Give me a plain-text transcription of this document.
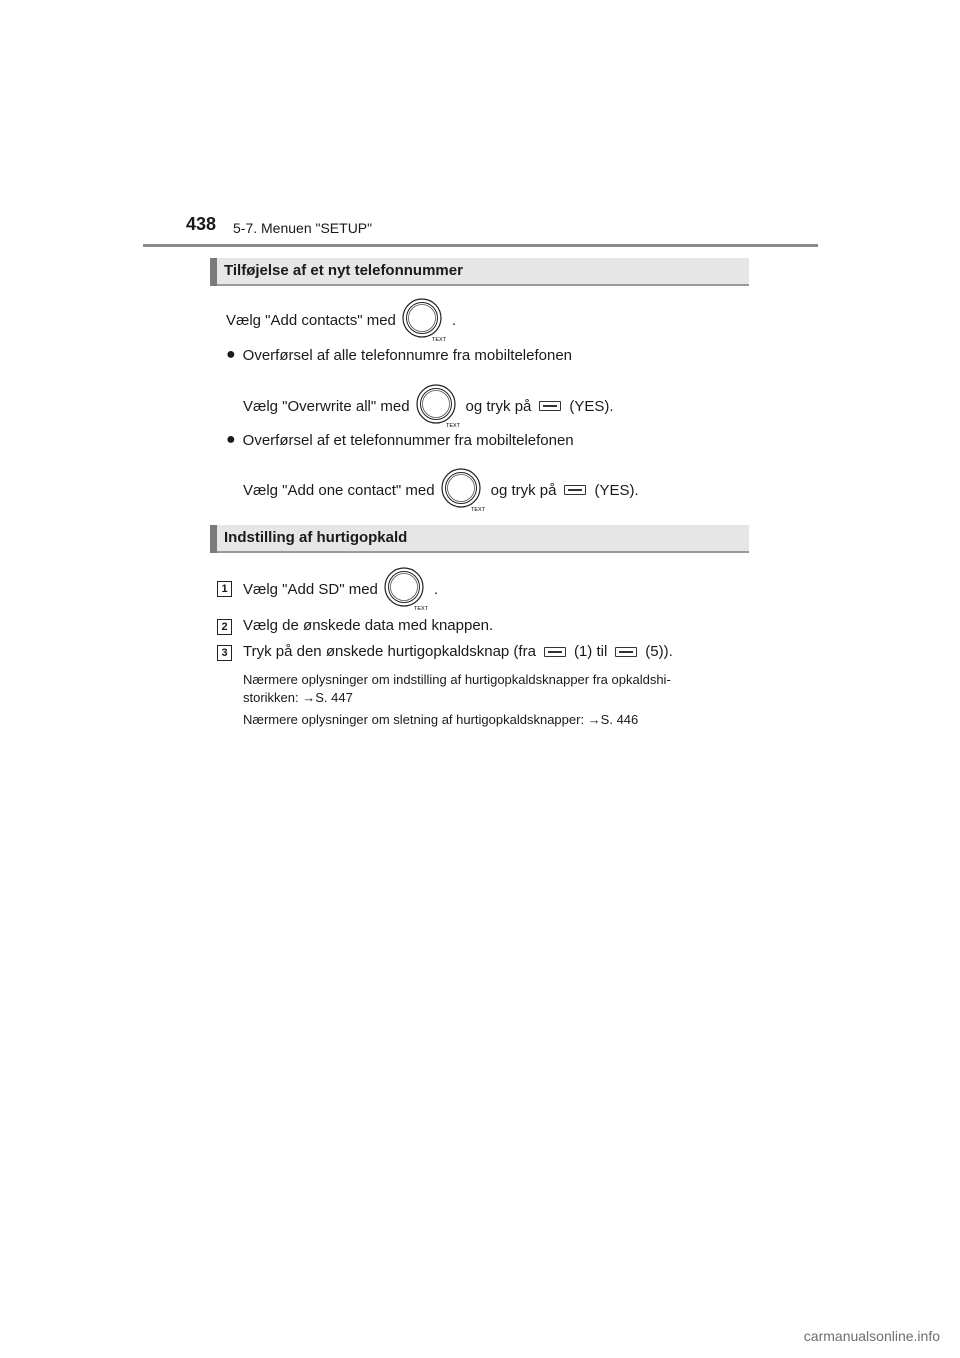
438 5-7. Menuen "SETUP"
Tilføjelse af et nyt telefonnummer
Vælg "Add contacts" med
TEXT
.
● Overførsel af alle telefonnumre fra mobiltelefonen
Vælg "Overwrite all" med
TEXT
og tryk på	(YES).
● Overførsel af et telefonnummer fra mobiltelefonen
Vælg "Add one contact" med
TEXT
og tryk på	(YES).
Indstilling af hurtigopkald
1 Vælg "Add SD" med
TEXT
.
2 Vælg de ønskede data med knappen.
3 Tryk på den ønskede hurtigopkaldsknap (fra	(1) til	(5)).
Nærmere oplysninger om indstilling af hurtigopkaldsknapper fra opkaldshi-
storikken: →S. 447
Nærmere oplysninger om sletning af hurtigopkaldsknapper: →S. 446
carmanualsonline.info
